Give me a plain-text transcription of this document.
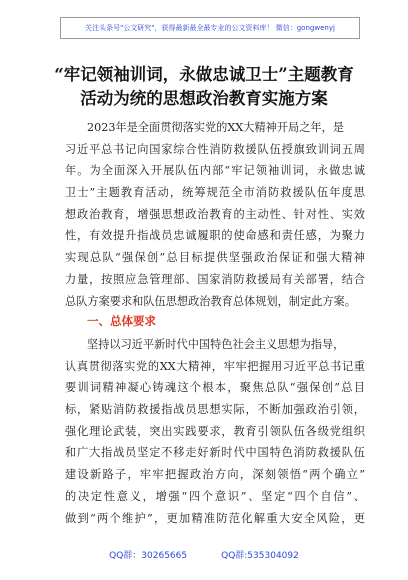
关注头条号"公文研究"，获得最新最全最专业的公文资料库！ 微信：gongwenyj
“牢记领袖训词，永做忠诚卫士”主题教育
活动为统的思想政治教育实施方案
2023年是全面贯彻落实党的XX大精神开局之年，是
习近平总书记向国家综合性消防救援队伍授旗致训词五周
年。为全面深入开展队伍内部“牢记领袖训词，永做忠诚
卫士”主题教育活动，统筹规范全市消防救援队伍年度思
想政治教育，增强思想政治教育的主动性、针对性、实效
性，有效提升指战员忠诚履职的使命感和责任感，为聚力
实现总队“强保创”总目标提供坚强政治保证和强大精神
力量，按照应急管理部、国家消防救援局有关部署，结合
总队方案要求和队伍思想政治教育总体规划，制定此方案。
一、总体要求
坚持以习近平新时代中国特色社会主义思想为指导，
认真贯彻落实党的XX大精神，牢牢把握用习近平总书记重
要训词精神凝心铸魂这个根本，聚焦总队“强保创”总目
标，紧贴消防救援指战员思想实际，不断加强政治引领，
强化理论武装，突出实践要求，教育引领队伍各级党组织
和广大指战员坚定不移走好新时代中国特色消防救援队伍
建设新路子，牢牢把握政治方向，深刻领悟“两个确立”
的决定性意义，增强“四个意识”、坚定“四个自信”、
做到“两个维护”，更加精准防范化解重大安全风险，更
QQ群：30265665	QQ群:535304092
